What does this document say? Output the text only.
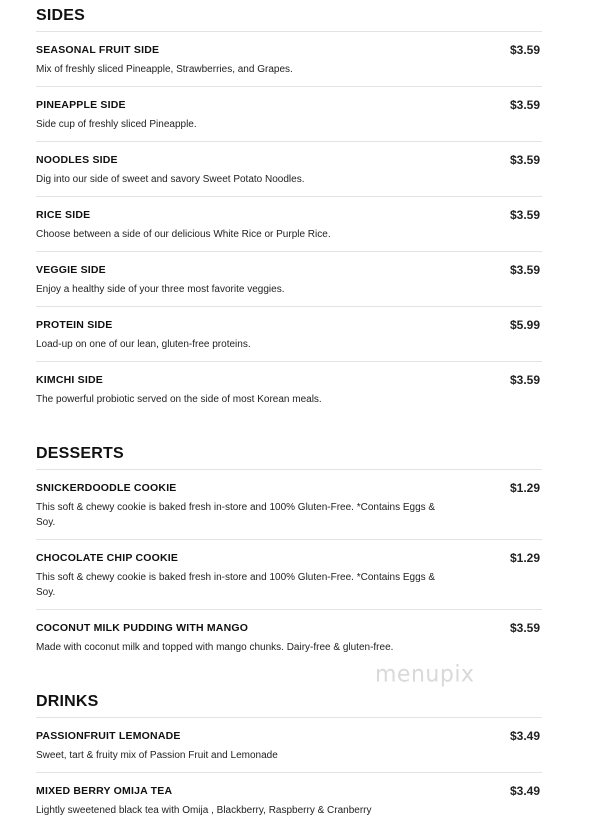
SIDES
SEASONAL FRUIT SIDE	$3.59
Mix of freshly sliced Pineapple, Strawberries, and Grapes.
PINEAPPLE SIDE	$3.59
Side cup of freshly sliced Pineapple.
NOODLES SIDE	$3.59
Dig into our side of sweet and savory Sweet Potato Noodles.
RICE SIDE	$3.59
Choose between a side of our delicious White Rice or Purple Rice.
VEGGIE SIDE	$3.59
Enjoy a healthy side of your three most favorite veggies.
PROTEIN SIDE	$5.99
Load-up on one of our lean, gluten-free proteins.
KIMCHI SIDE	$3.59
The powerful probiotic served on the side of most Korean meals.
DESSERTS
SNICKERDOODLE COOKIE	$1.29
This soft & chewy cookie is baked fresh in-store and 100% Gluten-Free. *Contains Eggs & Soy.
CHOCOLATE CHIP COOKIE	$1.29
This soft & chewy cookie is baked fresh in-store and 100% Gluten-Free. *Contains Eggs & Soy.
COCONUT MILK PUDDING WITH MANGO	$3.59
Made with coconut milk and topped with mango chunks. Dairy-free & gluten-free.
DRINKS
PASSIONFRUIT LEMONADE	$3.49
Sweet, tart & fruity mix of Passion Fruit and Lemonade
MIXED BERRY OMIJA TEA	$3.49
Lightly sweetened black tea with Omija , Blackberry, Raspberry & Cranberry
menupix
